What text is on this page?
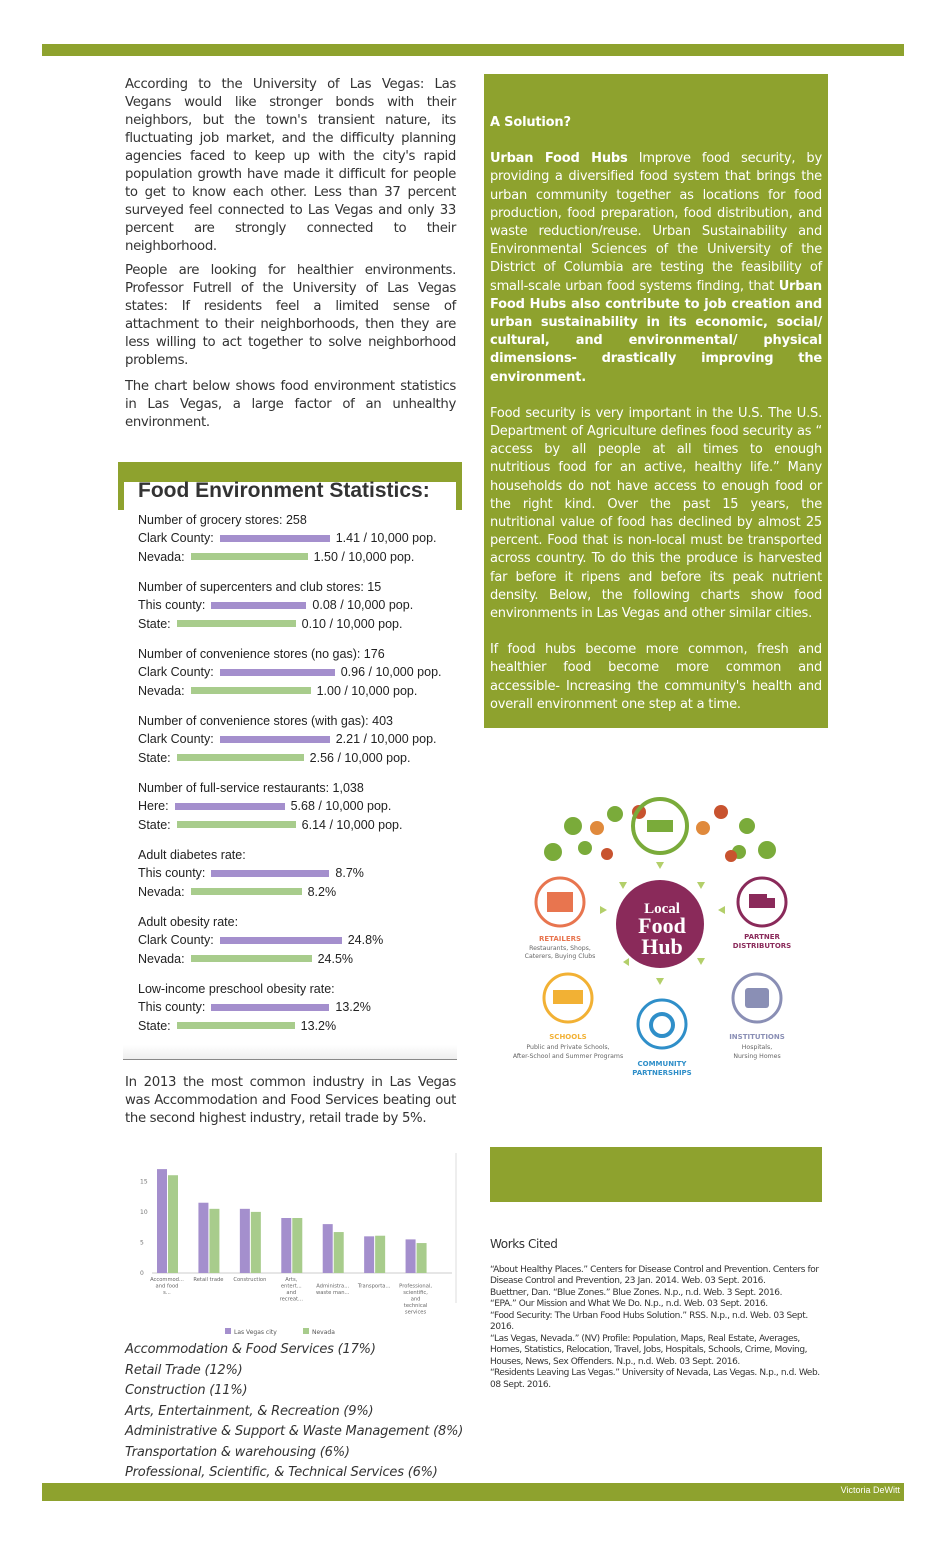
According to the University of Las Vegas: Las Vegans would like stronger bonds with their neighbors, but the town's transient nature, its fluctuating job market, and the difficulty planning agencies faced to keep up with the city's rapid population growth have made it difficult for people to get to know each other. Less than 37 percent surveyed feel connected to Las Vegas and only 33 percent are strongly connected to their neighborhood.

People are looking for healthier environments. Professor Futrell of the University of Las Vegas states: If residents feel a limited sense of attachment to their neighborhoods, then they are less willing to act together to solve neighborhood problems.

The chart below shows food environment statistics in Las Vegas, a large factor of an unhealthy environment.

A Solution?

Urban Food Hubs Improve food security, by providing a diversified food system that brings the urban community together as locations for food production, food preparation, food distribution, and waste reduction/reuse. Urban Sustainability and Environmental Sciences of the University of the District of Columbia are testing the feasibility of small-scale urban food systems finding, that Urban Food Hubs also contribute to job creation and urban sustainability in its economic, social/ cultural, and environmental/ physical dimensions- drastically improving the environment.

Food security is very important in the U.S. The U.S. Department of Agriculture defines food security as “ access by all people at all times to enough nutritious food for an active, healthy life.” Many households do not have access to enough food or the right kind. Over the past 15 years, the nutritional value of food has declined by almost 25 percent. Food that is non-local must be transported across country. To do this the produce is harvested far before it ripens and before its peak nutrient density. Below, the following charts show food environments in Las Vegas and other similar cities.

If food hubs become more common, fresh and healthier food become more common and accessible- Increasing the community's health and overall environment one step at a time.

Food Environment Statistics:
Number of grocery stores: 258
Clark County:	1.41 / 10,000 pop.
Nevada:	1.50 / 10,000 pop.
Number of supercenters and club stores: 15
This county:	0.08 / 10,000 pop.
State:	0.10 / 10,000 pop.
Number of convenience stores (no gas): 176
Clark County:	0.96 / 10,000 pop.
Nevada:	1.00 / 10,000 pop.
Number of convenience stores (with gas): 403
Clark County:	2.21 / 10,000 pop.
State:	2.56 / 10,000 pop.
Number of full-service restaurants: 1,038
Here:	5.68 / 10,000 pop.
State:	6.14 / 10,000 pop.
Adult diabetes rate:
This county:	8.7%
Nevada:	8.2%
Adult obesity rate:
Clark County:	24.8%
Nevada:	24.5%
Low-income preschool obesity rate:
This county:	13.2%
State:	13.2%

In 2013 the most common industry in Las Vegas was Accommodation and Food Services beating out the second highest industry, retail trade by 5%.

0
5
10
15
Accommod...
and food
s...
Retail trade Construction	Arts,
entert...
and
recreat...
Administra...
waste man...
Transporta... Professional,
scientific,
and
technical
services
Las Vegas city	Nevada
Accommodation & Food Services (17%)
Retail Trade (12%)
Construction (11%)
Arts, Entertainment, & Recreation (9%)
Administrative & Support & Waste Management (8%)
Transportation & warehousing (6%)
Professional, Scientific, & Technical Services (6%)
Local
Food
Hub
RETAILERS
Restaurants, Shops,
Caterers, Buying Clubs
PARTNER
DISTRIBUTORS
SCHOOLS
Public and Private Schools,
After-School and Summer Programs
COMMUNITY
PARTNERSHIPS
INSTITUTIONS
Hospitals,
Nursing Homes
Works Cited
“About Healthy Places.” Centers for Disease Control and Prevention. Centers for Disease Control and Prevention, 23 Jan. 2014. Web. 03 Sept. 2016.
Buettner, Dan. “Blue Zones.” Blue Zones. N.p., n.d. Web. 3 Sept. 2016.
“EPA.” Our Mission and What We Do. N.p., n.d. Web. 03 Sept. 2016.
“Food Security: The Urban Food Hubs Solution.” RSS. N.p., n.d. Web. 03 Sept. 2016.
“Las Vegas, Nevada.” (NV) Profile: Population, Maps, Real Estate, Averages, Homes, Statistics, Relocation, Travel, Jobs, Hospitals, Schools, Crime, Moving, Houses, News, Sex Offenders. N.p., n.d. Web. 03 Sept. 2016.
“Residents Leaving Las Vegas.” University of Nevada, Las Vegas. N.p., n.d. Web. 08 Sept. 2016.
Victoria DeWitt
